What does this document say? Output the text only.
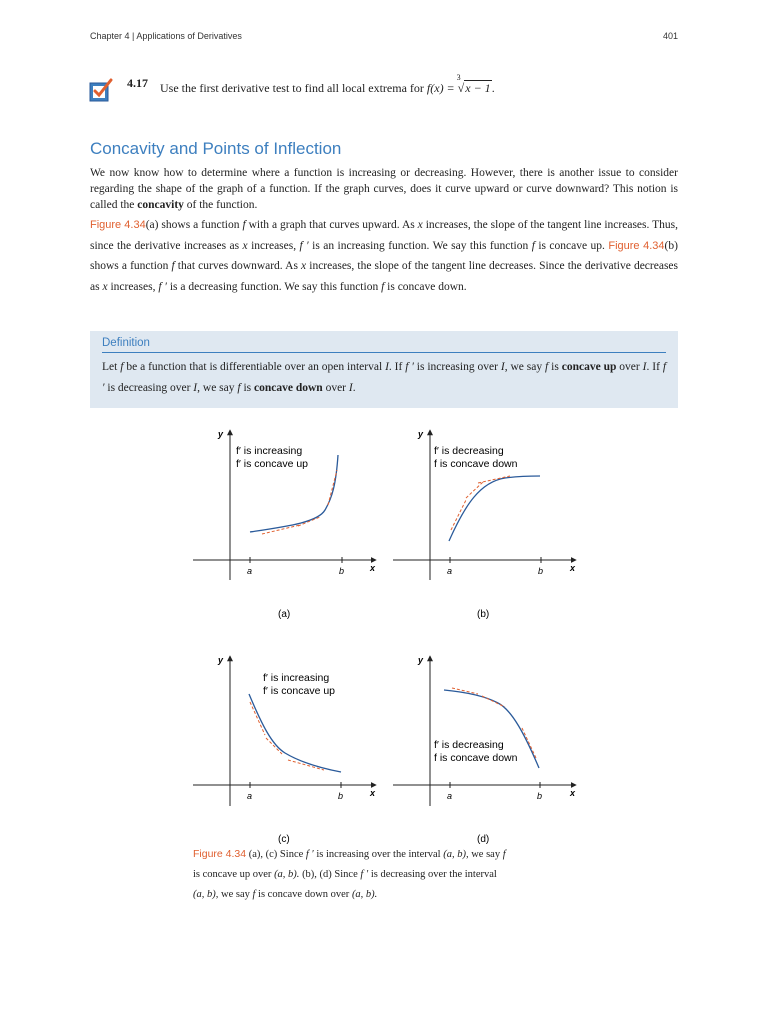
Chapter 4 | Applications of Derivatives	401
4.17 Use the first derivative test to find all local extrema for f(x) =
3
√x − 1.
Concavity and Points of Inflection

We now know how to determine where a function is increasing or decreasing. However, there is another issue to consider regarding the shape of the graph of a function. If the graph curves, does it curve upward or curve downward? This notion is called the concavity of the function.

Figure 4.34(a) shows a function f with a graph that curves upward. As x increases, the slope of the tangent line increases. Thus, since the derivative increases as x increases, f ′ is an increasing function. We say this function f is concave up. Figure 4.34(b) shows a function f that curves downward. As x increases, the slope of the tangent line decreases. Since the derivative decreases as x increases, f ′ is a decreasing function. We say this function f is concave down.

Definition

Let f be a function that is differentiable over an open interval I. If f ′ is increasing over I, we say f is concave up over I. If f ′ is decreasing over I, we say f is concave down over I.

y
x
a	b
f′ is increasing
f′ is concave up
(a)
y
x
a	b
f′ is decreasing
f is concave down
(b)
y
x
a	b
f′ is increasing
f′ is concave up
(c)
y
x
a	b
f′ is decreasing
f is concave down
(d)

Figure 4.34 (a), (c) Since f ′ is increasing over the interval (a, b), we say f
is concave up over (a, b). (b), (d) Since f ′ is decreasing over the interval
(a, b), we say f is concave down over (a, b).
